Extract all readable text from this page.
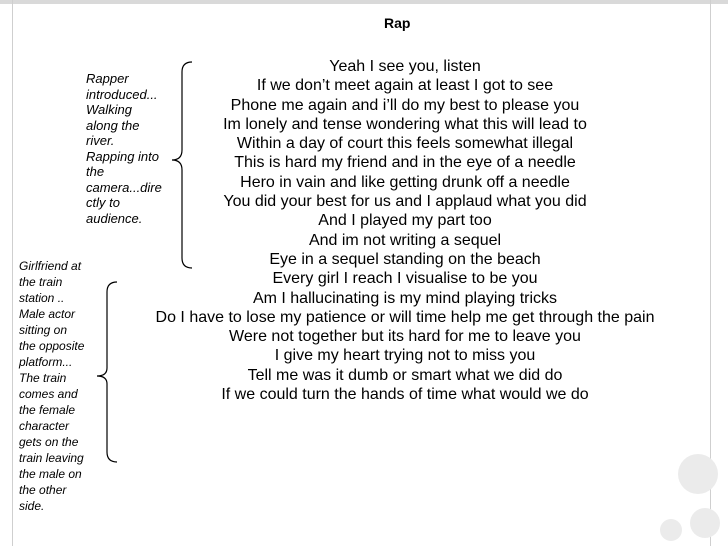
Rap
Yeah I see you, listen
If we don’t meet again at least I got to see
Phone me again and i’ll do my best to please you
Im lonely and tense wondering what this will lead to
Within a day of court this feels somewhat illegal
This is hard my friend and in the eye of a needle
Hero in vain and like getting drunk off a needle
You did your best for us and I applaud what you did
And I played my part too
And im not writing a sequel
Eye in a sequel standing on the beach
Every girl I reach I visualise to be you
Am I hallucinating is my mind playing tricks
Do I have to lose my patience or will time help me get through the pain
Were not together but its hard for me to leave you
I give my heart trying not to miss you
Tell me was it dumb or smart what we did do
If we could turn the hands of time what would we do
Rapper
introduced...
Walking
along the
river.
Rapping into
the
camera...dire
ctly to
audience.
Girlfriend at
the train
station ..
Male actor
sitting on
the opposite
platform...
The train
comes and
the female
character
gets on the
train leaving
the male on
the other
side.
